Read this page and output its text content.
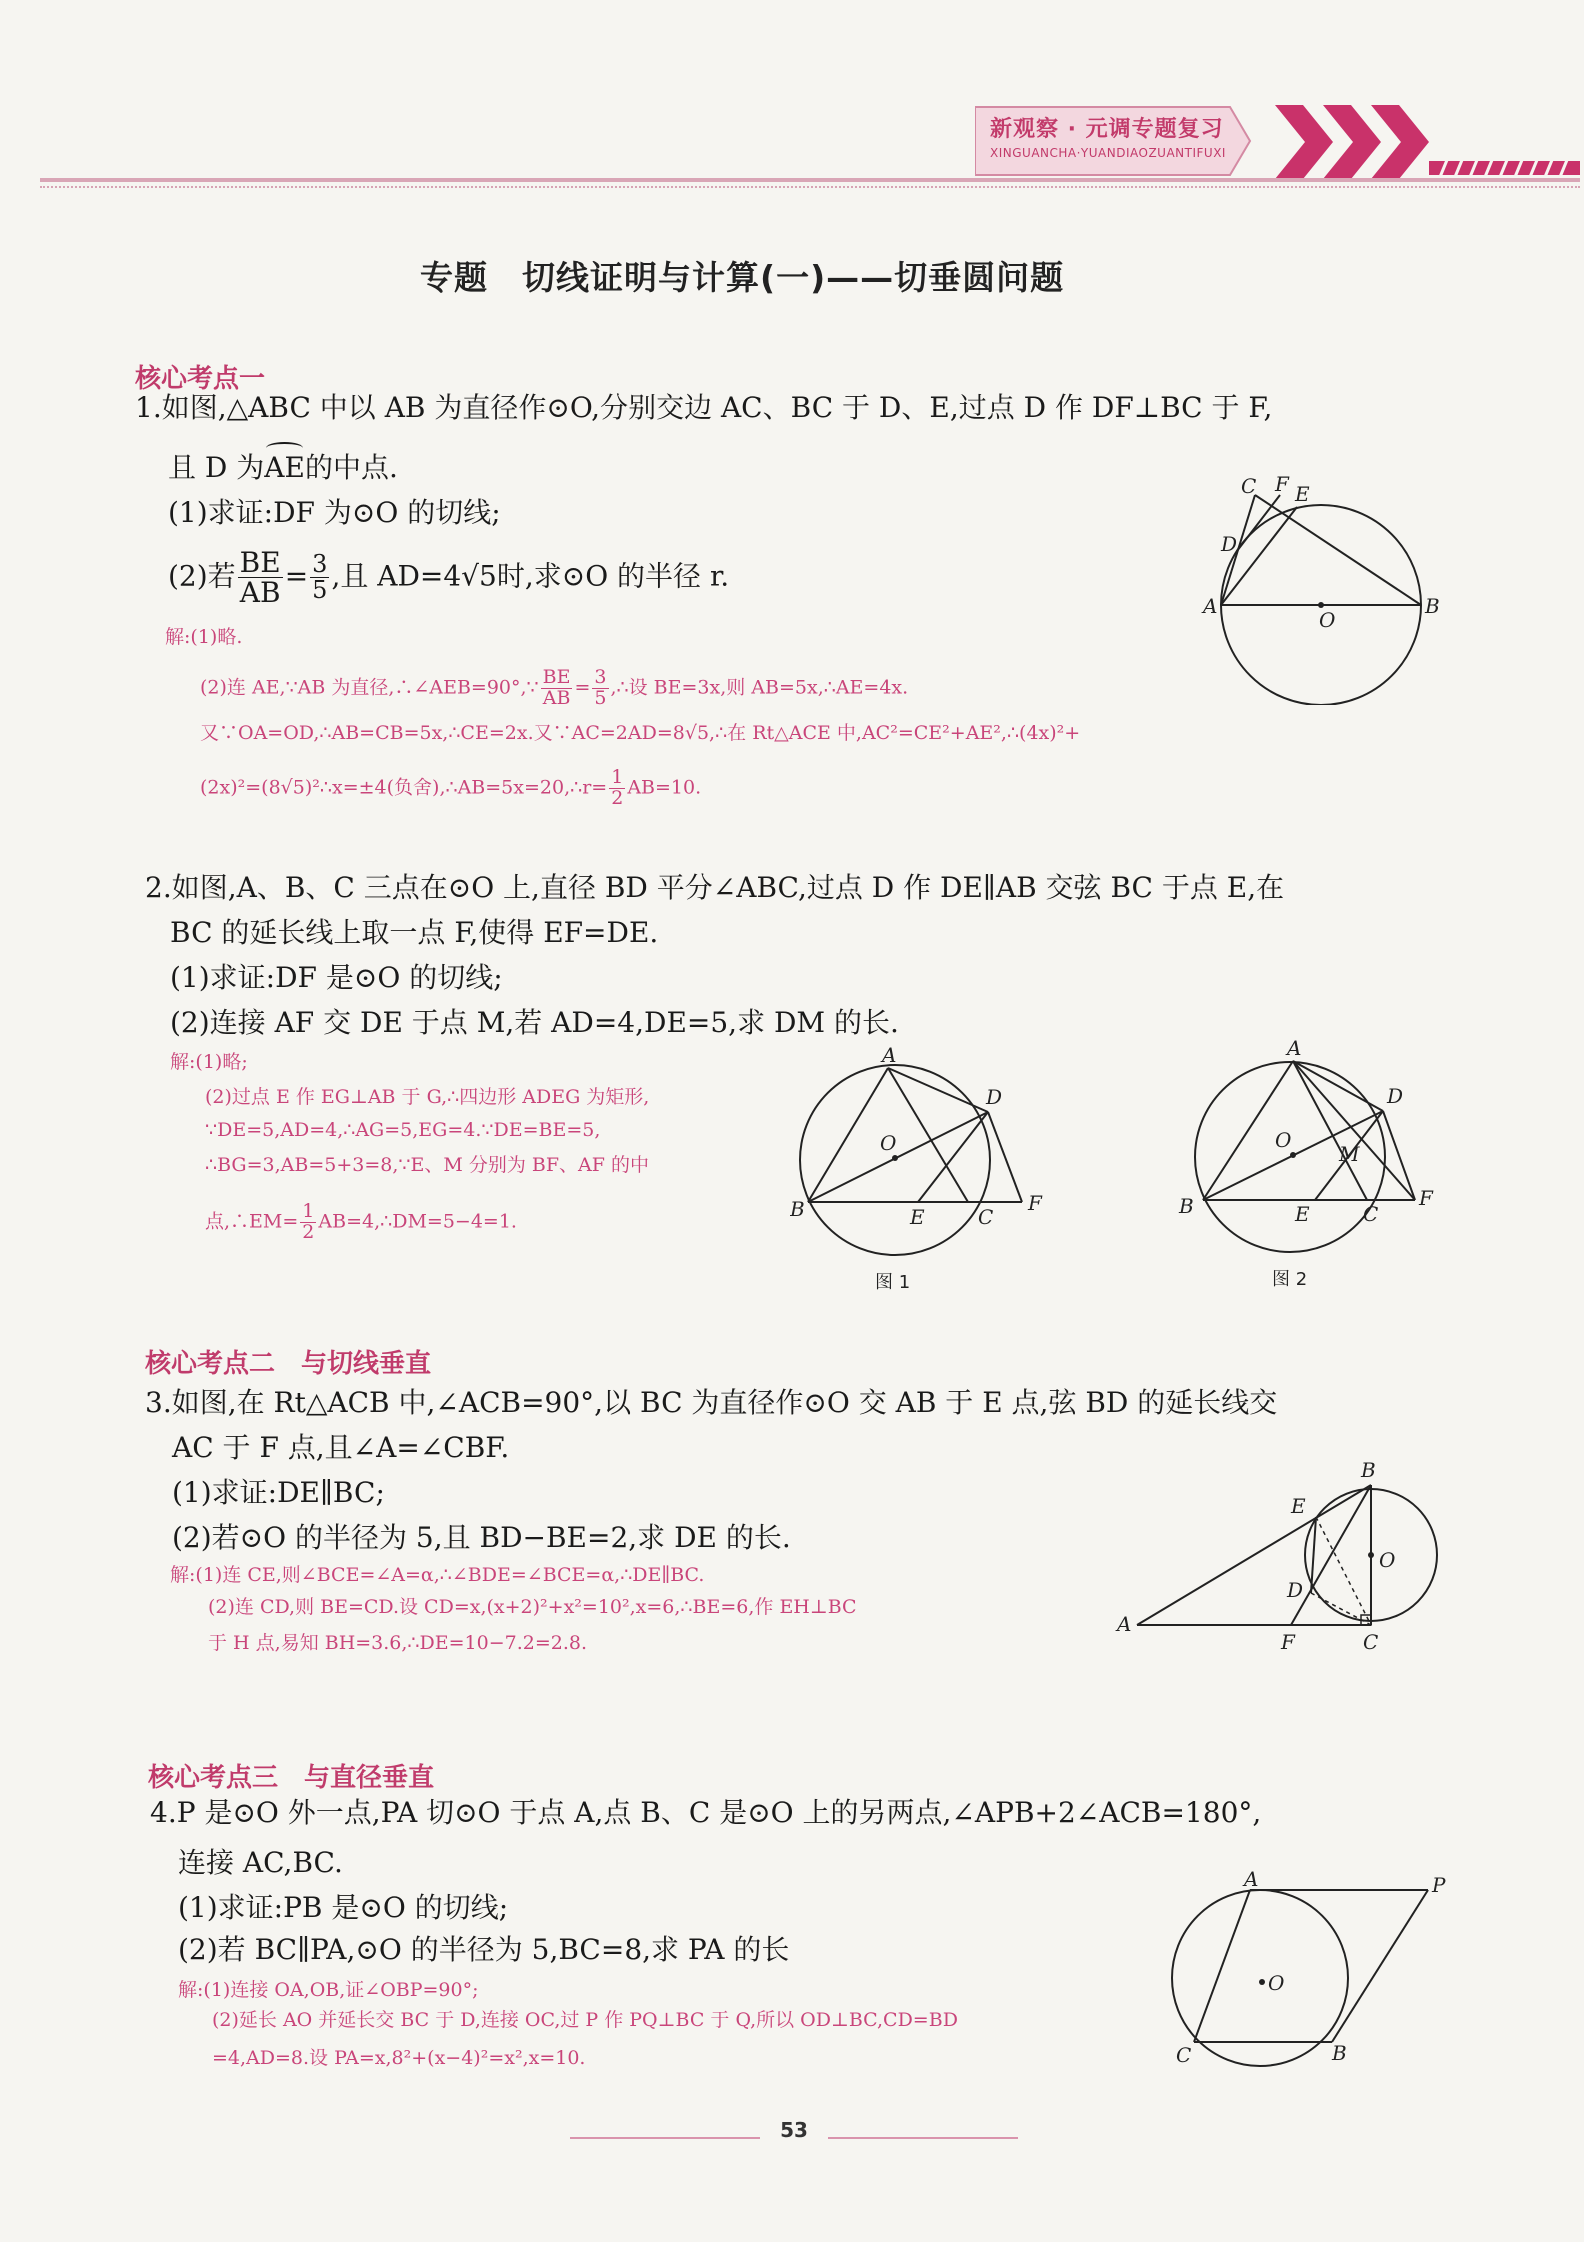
新观察 · 元调专题复习
XINGUANCHA·YUANDIAOZUANTIFUXI
专题　切线证明与计算(一)——切垂圆问题
核心考点一
1.如图,△ABC 中以 AB 为直径作⊙O,分别交边 AC、BC 于 D、E,过点 D 作 DF⊥BC 于 F,
且 D 为AE的中点.
(1)求证:DF 为⊙O 的切线;
(2)若 $\frac{BE}{AB} = \frac{3}{5}$ ,且 AD=4√5时,求⊙O 的半径 r.
解:(1)略.
(2)连 AE,∵AB 为直径,∴∠AEB=90°,∵ $\frac{BE}{AB} = \frac{3}{5}$ ,∴设 BE=3x,则 AB=5x,∴AE=4x.
又∵OA=OD,∴AB=CB=5x,∴CE=2x.又∵AC=2AD=8√5,∴在 Rt△ACE 中,AC²=CE²+AE²,∴(4x)²+
(2x)²=(8√5)²∴x=±4(负舍),∴AB=5x=20,∴r= $\frac{1}{2} AB=10$.
C F E
D
A
O
B
2.如图,A、B、C 三点在⊙O 上,直径 BD 平分∠ABC,过点 D 作 DE∥AB 交弦 BC 于点 E,在
BC 的延长线上取一点 F,使得 EF=DE.
(1)求证:DF 是⊙O 的切线;
(2)连接 AF 交 DE 于点 M,若 AD=4,DE=5,求 DM 的长.
解:(1)略;
(2)过点 E 作 EG⊥AB 于 G,∴四边形 ADEG 为矩形,
∵DE=5,AD=4,∴AG=5,EG=4.∵DE=BE=5,
∴BG=3,AB=5+3=8,∵E、M 分别为 BF、AF 的中
点,∴EM= $\frac{1}{2}$ AB=4,∴DM=5−4=1.
A
D
O
B	E	C
F
图 1
A
D
O
M
B	E	C
F
图 2
核心考点二　与切线垂直
3.如图,在 Rt△ACB 中,∠ACB=90°,以 BC 为直径作⊙O 交 AB 于 E 点,弦 BD 的延长线交
AC 于 F 点,且∠A=∠CBF.
(1)求证:DE∥BC;
(2)若⊙O 的半径为 5,且 BD−BE=2,求 DE 的长.
解:(1)连 CE,则∠BCE=∠A=α,∴∠BDE=∠BCE=α,∴DE∥BC.
(2)连 CD,则 BE=CD.设 CD=x,(x+2)²+x²=10²,x=6,∴BE=6,作 EH⊥BC
于 H 点,易知 BH=3.6,∴DE=10−7.2=2.8.
B
E
O
D
A
F	C
核心考点三　与直径垂直
4.P 是⊙O 外一点,PA 切⊙O 于点 A,点 B、C 是⊙O 上的另两点,∠APB+2∠ACB=180°,
连接 AC,BC.
(1)求证:PB 是⊙O 的切线;
(2)若 BC∥PA,⊙O 的半径为 5,BC=8,求 PA 的长
解:(1)连接 OA,OB,证∠OBP=90°;
(2)延长 AO 并延长交 BC 于 D,连接 OC,过 P 作 PQ⊥BC 于 Q,所以 OD⊥BC,CD=BD
=4,AD=8.设 PA=x,8²+(x−4)²=x²,x=10.
A	P
O
C	B
53
